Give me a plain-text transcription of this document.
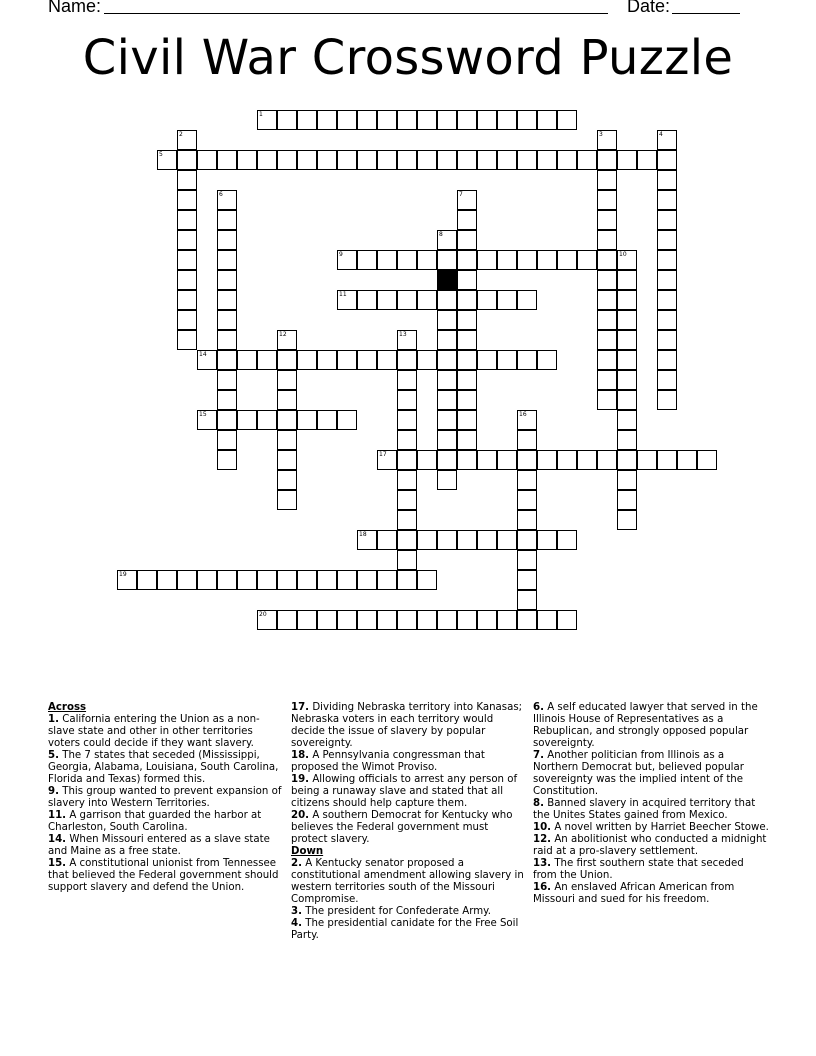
Name:	Date:
Civil War Crossword Puzzle
1
2	3	4
5
6	7
8
9	10
11
12	13
14
15	16
17
18
19
20
Across
1. California entering the Union as a non-slave state and other in other territories voters could decide if they want slavery.
5. The 7 states that seceded (Mississippi, Georgia, Alabama, Louisiana, South Carolina, Florida and Texas) formed this.
9. This group wanted to prevent expansion of slavery into Western Territories.
11. A garrison that guarded the harbor at Charleston, South Carolina.
14. When Missouri entered as a slave state and Maine as a free state.
15. A constitutional unionist from Tennessee that believed the Federal government should support slavery and defend the Union.
17. Dividing Nebraska territory into Kanasas; Nebraska voters in each territory would decide the issue of slavery by popular sovereignty.
18. A Pennsylvania congressman that proposed the Wimot Proviso.
19. Allowing officials to arrest any person of being a runaway slave and stated that all citizens should help capture them.
20. A southern Democrat for Kentucky who believes the Federal government must protect slavery.
Down
2. A Kentucky senator proposed a constitutional amendment allowing slavery in western territories south of the Missouri Compromise.
3. The president for Confederate Army.
4. The presidential canidate for the Free Soil Party.
6. A self educated lawyer that served in the Illinois House of Representatives as a Rebuplican, and strongly opposed popular sovereignty.
7. Another politician from Illinois as a Northern Democrat but, believed popular sovereignty was the implied intent of the Constitution.
8. Banned slavery in acquired territory that the Unites States gained from Mexico.
10. A novel written by Harriet Beecher Stowe.
12. An abolitionist who conducted a midnight raid at a pro-slavery settlement.
13. The first southern state that seceded from the Union.
16. An enslaved African American from Missouri and sued for his freedom.
